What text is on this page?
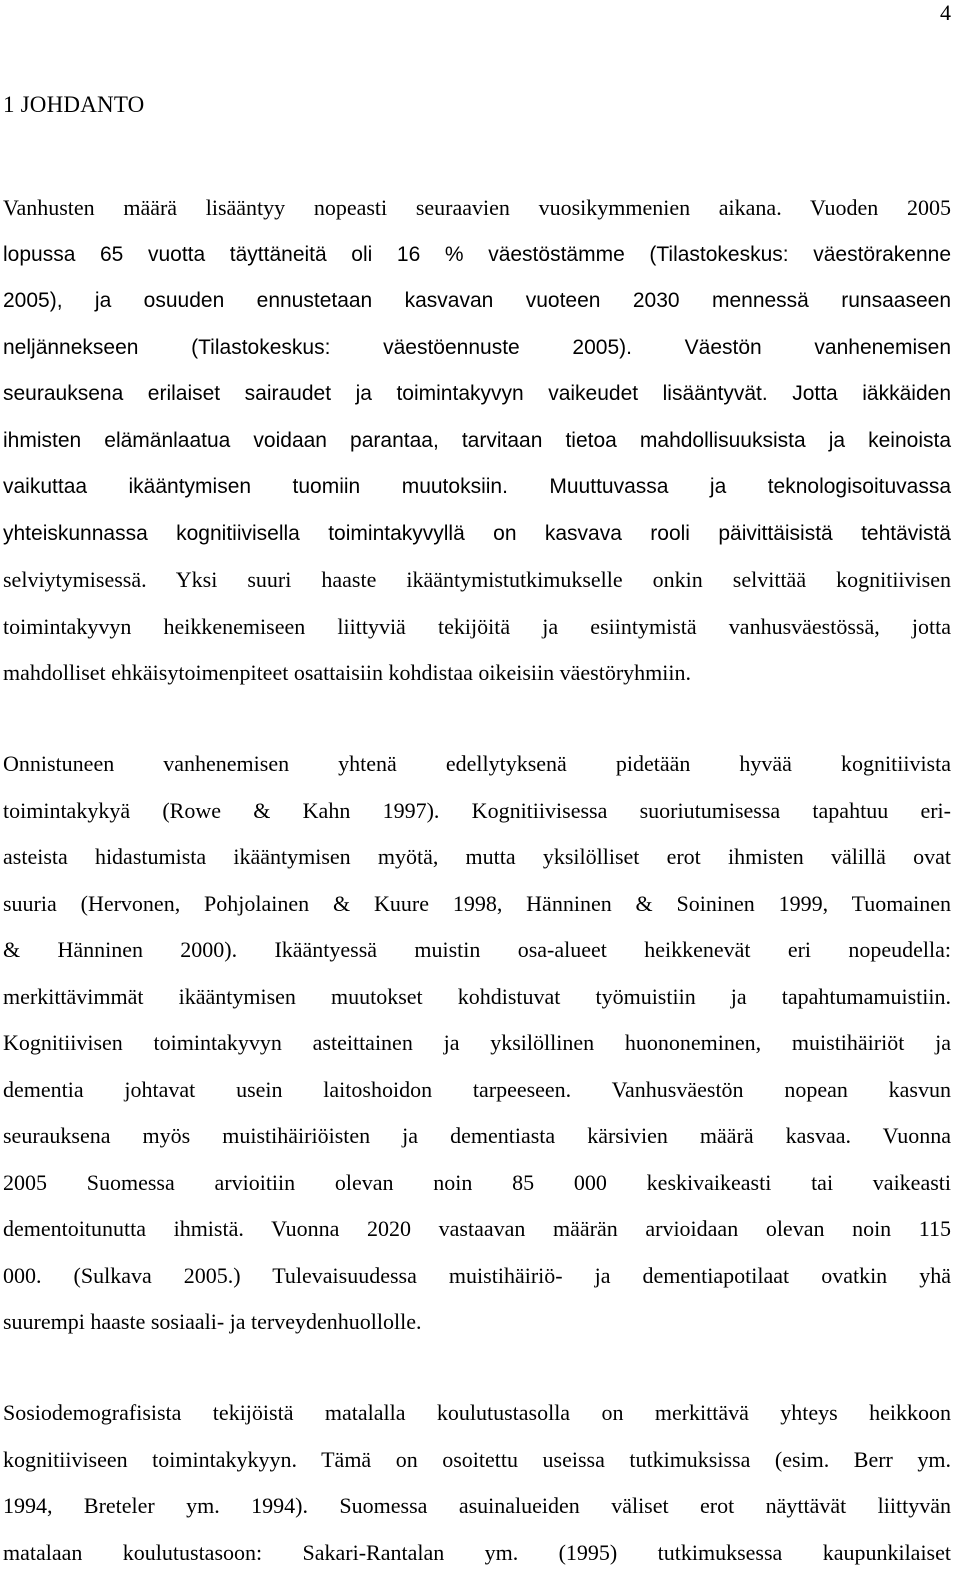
4
1 JOHDANTO
Vanhusten määrä lisääntyy nopeasti seuraavien vuosikymmenien aikana. Vuoden 2005
lopussa 65 vuotta täyttäneitä oli 16 % väestöstämme (Tilastokeskus: väestörakenne
2005), ja osuuden ennustetaan kasvavan vuoteen 2030 mennessä runsaaseen
neljännekseen (Tilastokeskus: väestöennuste 2005). Väestön vanhenemisen
seurauksena erilaiset sairaudet ja toimintakyvyn vaikeudet lisääntyvät. Jotta iäkkäiden
ihmisten elämänlaatua voidaan parantaa, tarvitaan tietoa mahdollisuuksista ja keinoista
vaikuttaa ikääntymisen tuomiin muutoksiin. Muuttuvassa ja teknologisoituvassa
yhteiskunnassa kognitiivisella toimintakyvyllä on kasvava rooli päivittäisistä tehtävistä
selviytymisessä. Yksi suuri haaste ikääntymistutkimukselle onkin selvittää kognitiivisen
toimintakyvyn heikkenemiseen liittyviä tekijöitä ja esiintymistä vanhusväestössä, jotta
mahdolliset ehkäisytoimenpiteet osattaisiin kohdistaa oikeisiin väestöryhmiin.
Onnistuneen vanhenemisen yhtenä edellytyksenä pidetään hyvää kognitiivista
toimintakykyä (Rowe & Kahn 1997). Kognitiivisessa suoriutumisessa tapahtuu eri-
asteista hidastumista ikääntymisen myötä, mutta yksilölliset erot ihmisten välillä ovat
suuria (Hervonen, Pohjolainen & Kuure 1998, Hänninen & Soininen 1999, Tuomainen
& Hänninen 2000). Ikääntyessä muistin osa-alueet heikkenevät eri nopeudella:
merkittävimmät ikääntymisen muutokset kohdistuvat työmuistiin ja tapahtumamuistiin.
Kognitiivisen toimintakyvyn asteittainen ja yksilöllinen huononeminen, muistihäiriöt ja
dementia johtavat usein laitoshoidon tarpeeseen. Vanhusväestön nopean kasvun
seurauksena myös muistihäiriöisten ja dementiasta kärsivien määrä kasvaa. Vuonna
2005 Suomessa arvioitiin olevan noin 85 000 keskivaikeasti tai vaikeasti
dementoitunutta ihmistä. Vuonna 2020 vastaavan määrän arvioidaan olevan noin 115
000. (Sulkava 2005.) Tulevaisuudessa muistihäiriö- ja dementiapotilaat ovatkin yhä
suurempi haaste sosiaali- ja terveydenhuollolle.
Sosiodemografisista tekijöistä matalalla koulutustasolla on merkittävä yhteys heikkoon
kognitiiviseen toimintakykyyn. Tämä on osoitettu useissa tutkimuksissa (esim. Berr ym.
1994, Breteler ym. 1994). Suomessa asuinalueiden väliset erot näyttävät liittyvän
matalaan koulutustasoon: Sakari-Rantalan ym. (1995) tutkimuksessa kaupunkilaiset
